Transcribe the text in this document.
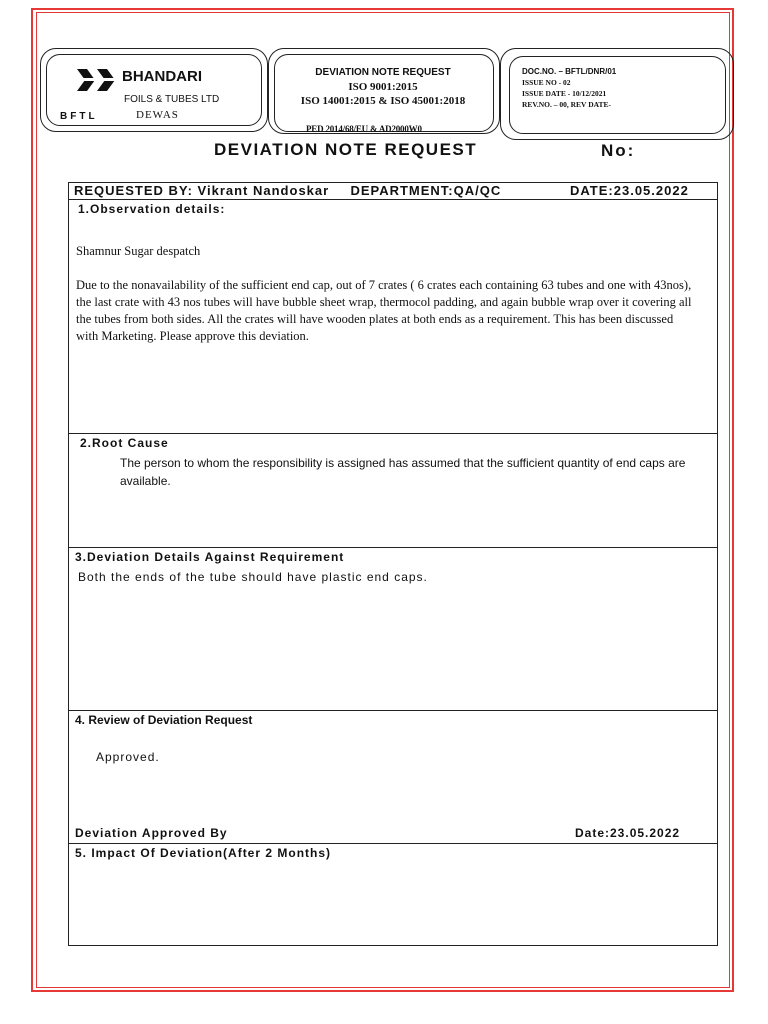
BHANDARI
FOILS & TUBES LTD
BFTL	DEWAS
DEVIATION NOTE REQUEST
ISO 9001:2015
ISO 14001:2015 & ISO 45001:2018
PED 2014/68/EU & AD2000W0
DOC.NO. – BFTL/DNR/01
ISSUE NO - 02
ISSUE DATE - 10/12/2021
REV.NO. – 00, REV DATE-
DEVIATION NOTE REQUEST	No:
REQUESTED BY: Vikrant Nandoskar DEPARTMENT:QA/QC	DATE:23.05.2022
1.Observation details:
Shamnur Sugar despatch
Due to the nonavailability of the sufficient end cap, out of 7 crates ( 6 crates each containing 63 tubes and one with 43nos), the last crate with 43 nos tubes will have bubble sheet wrap, thermocol padding, and again bubble wrap over it covering all the tubes from both sides. All the crates will have wooden plates at both ends as a requirement. This has been discussed with Marketing. Please approve this deviation.
2.Root Cause
The person to whom the responsibility is assigned has assumed that the sufficient quantity of end caps are available.
3.Deviation Details Against Requirement
Both the ends of the tube should have plastic end caps.
4. Review of Deviation Request
Approved.
Deviation Approved By	Date:23.05.2022
5. Impact Of Deviation(After 2 Months)
